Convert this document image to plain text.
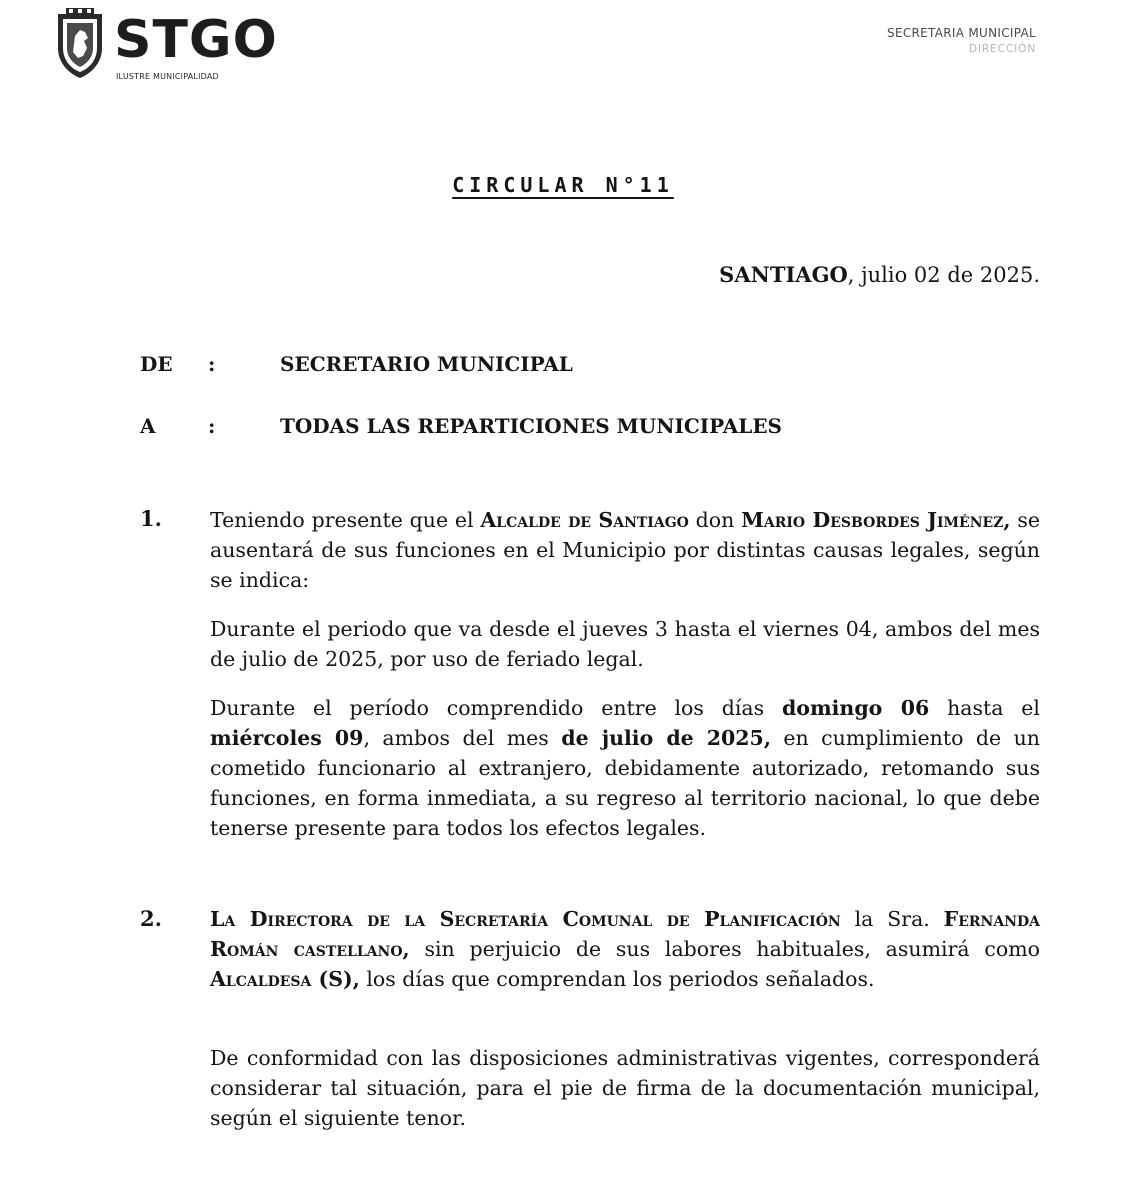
STGO
ILUSTRE MUNICIPALIDAD
SECRETARIA MUNICIPAL
DIRECCIÓN
CIRCULAR N°11
SANTIAGO, julio 02 de 2025.
DE :	SECRETARIO MUNICIPAL
A	:	TODAS LAS REPARTICIONES MUNICIPALES
1. Teniendo presente que el Alcalde de Santiago don Mario Desbordes Jiménez, se ausentará de sus funciones en el Municipio por distintas causas legales, según se indica:
Durante el periodo que va desde el jueves 3 hasta el viernes 04, ambos del mes de julio de 2025, por uso de feriado legal.
Durante el período comprendido entre los días domingo 06 hasta el miércoles 09, ambos del mes de julio de 2025, en cumplimiento de un cometido funcionario al extranjero, debidamente autorizado, retomando sus funciones, en forma inmediata, a su regreso al territorio nacional, lo que debe tenerse presente para todos los efectos legales.
2. La Directora de la Secretaría Comunal de Planificación la Sra. Fernanda Román castellano, sin perjuicio de sus labores habituales, asumirá como Alcaldesa (S), los días que comprendan los periodos señalados.
De conformidad con las disposiciones administrativas vigentes, corresponderá considerar tal situación, para el pie de firma de la documentación municipal, según el siguiente tenor.
